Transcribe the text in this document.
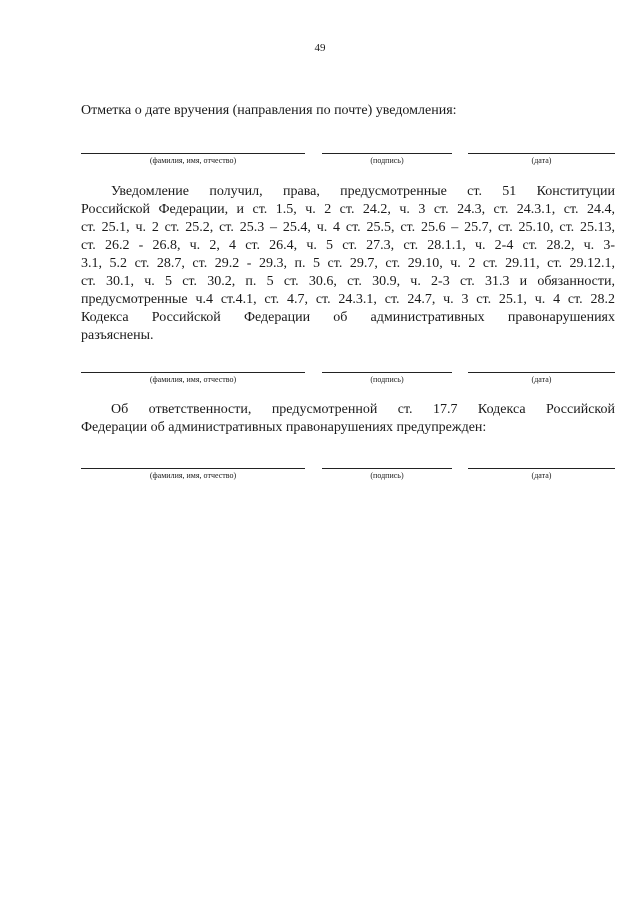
49
Отметка о дате вручения (направления по почте) уведомления:
(фамилия, имя, отчество)	(подпись)	(дата)
Уведомление получил, права, предусмотренные ст. 51 Конституции
Российской Федерации, и ст. 1.5, ч. 2 ст. 24.2, ч. 3 ст. 24.3, ст. 24.3.1, ст. 24.4,
ст. 25.1, ч. 2 ст. 25.2, ст. 25.3 – 25.4, ч. 4 ст. 25.5, ст. 25.6 – 25.7, ст. 25.10, ст. 25.13,
ст. 26.2 - 26.8, ч. 2, 4 ст. 26.4, ч. 5 ст. 27.3, ст. 28.1.1, ч. 2-4 ст. 28.2, ч. 3-
3.1, 5.2 ст. 28.7, ст. 29.2 - 29.3, п. 5 ст. 29.7, ст. 29.10, ч. 2 ст. 29.11, ст. 29.12.1,
ст. 30.1, ч. 5 ст. 30.2, п. 5 ст. 30.6, ст. 30.9, ч. 2-3 ст. 31.3 и обязанности,
предусмотренные ч.4 ст.4.1, ст. 4.7, ст. 24.3.1, ст. 24.7, ч. 3 ст. 25.1, ч. 4 ст. 28.2
Кодекса Российской Федерации об административных правонарушениях
разъяснены.
(фамилия, имя, отчество)	(подпись)	(дата)
Об ответственности, предусмотренной ст. 17.7 Кодекса Российской
Федерации об административных правонарушениях предупрежден:
(фамилия, имя, отчество)	(подпись)	(дата)
